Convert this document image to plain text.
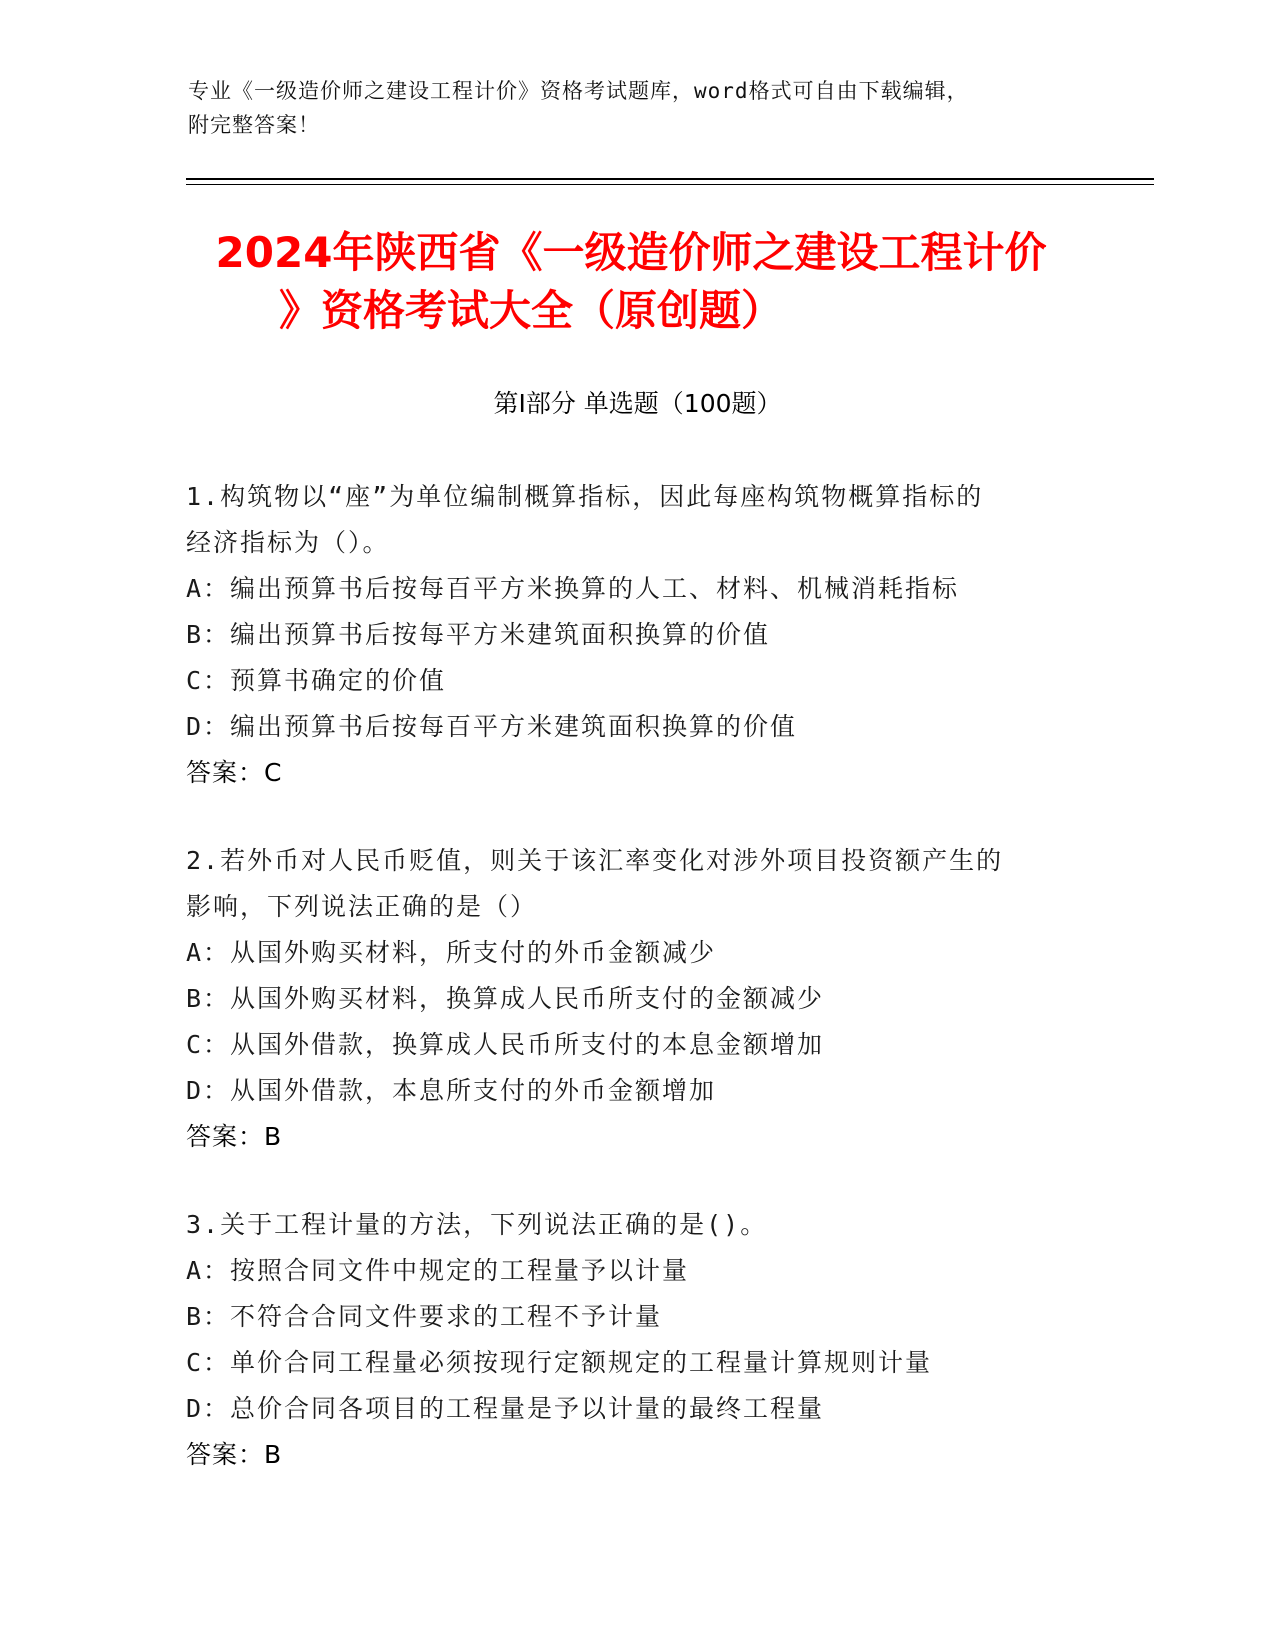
专业《一级造价师之建设工程计价》资格考试题库，word格式可自由下载编辑，
附完整答案！
2024年陕西省《一级造价师之建设工程计价
》资格考试大全（原创题）
第Ⅰ部分 单选题（100题）
1.构筑物以“座”为单位编制概算指标，因此每座构筑物概算指标的
经济指标为（）。
A：编出预算书后按每百平方米换算的人工、材料、机械消耗指标
B：编出预算书后按每平方米建筑面积换算的价值
C：预算书确定的价值
D：编出预算书后按每百平方米建筑面积换算的价值
答案：C
2.若外币对人民币贬值，则关于该汇率变化对涉外项目投资额产生的
影响，下列说法正确的是（）
A：从国外购买材料，所支付的外币金额减少
B：从国外购买材料，换算成人民币所支付的金额减少
C：从国外借款，换算成人民币所支付的本息金额增加
D：从国外借款，本息所支付的外币金额增加
答案：B
3.关于工程计量的方法，下列说法正确的是()。
A：按照合同文件中规定的工程量予以计量
B：不符合合同文件要求的工程不予计量
C：单价合同工程量必须按现行定额规定的工程量计算规则计量
D：总价合同各项目的工程量是予以计量的最终工程量
答案：B
